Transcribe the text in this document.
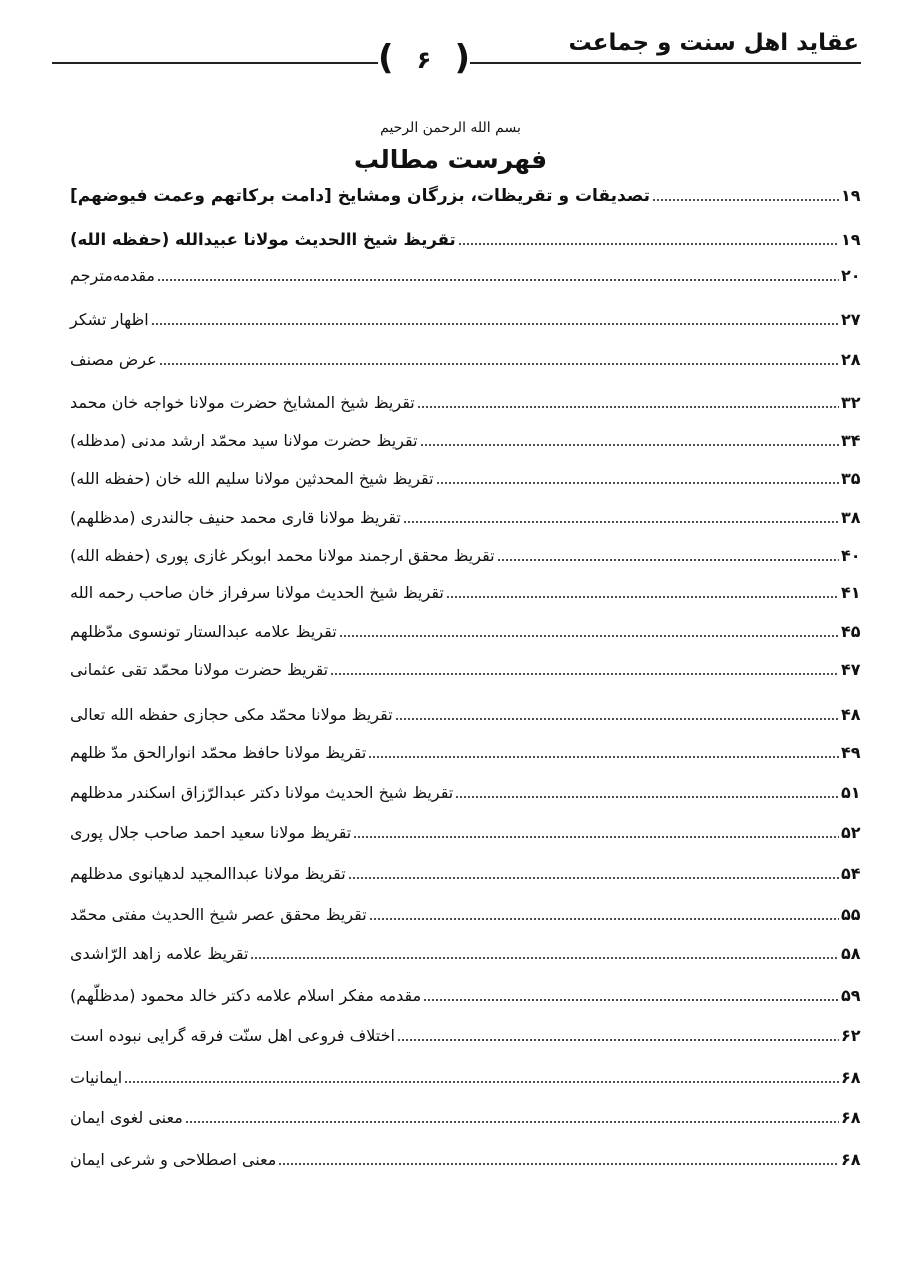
عقاید اهل سنت و جماعت
( ۶ )
بسم الله الرحمن الرحیم
فهرست مطالب
تصدیقات و تقریظات، بزرگان ومشایخ [دامت برکاتهم وعمت فیوضهم]	۱۹
تقریظ شیخ االحدیث مولانا عبیدالله (حفظه الله)	۱۹
مقدمه‌مترجم	۲۰
اظهار تشکر	۲۷
عرض مصنف	۲۸
تقریظ شیخ المشایخ حضرت مولانا خواجه خان محمد	۳۲
تقریظ حضرت مولانا سید محمّد ارشد مدنی (مدظله)	۳۴
تقریظ شیخ المحدثین مولانا سلیم الله خان (حفظه الله)	۳۵
تقریظ مولانا قاری محمد حنیف جالندری (مدظلهم)	۳۸
تقریظ محقق ارجمند مولانا محمد ابوبکر غازی پوری (حفظه الله)	۴۰
تقریظ شیخ الحدیث مولانا سرفراز خان صاحب رحمه الله	۴۱
تقریظ علامه عبدالستار تونسوی مدّظلهم	۴۵
تقریظ حضرت مولانا محمّد تقی عثمانی	۴۷
تقریظ مولانا محمّد مکی حجازی حفظه الله تعالی	۴۸
تقریظ مولانا حافظ محمّد انوارالحق مدّ ظلهم	۴۹
تقریظ شیخ الحدیث مولانا دکتر عبدالرّزاق اسکندر مدظلهم	۵۱
تقریظ مولانا سعید احمد صاحب جلال پوری	۵۲
تقریظ مولانا عبداالمجید لدهیانوی مدظلهم	۵۴
تقریظ محقق عصر شیخ االحدیث مفتی محمّد	۵۵
تقریظ علامه زاهد الرّاشدی	۵۸
مقدمه مفکر اسلام علامه دکتر خالد محمود (مدظلّهم)	۵۹
اختلاف فروعی اهل سنّت فرقه گرایی نبوده است	۶۲
ایمانیات	۶۸
معنی لغوی ایمان	۶۸
معنی اصطلاحی و شرعی ایمان	۶۸
